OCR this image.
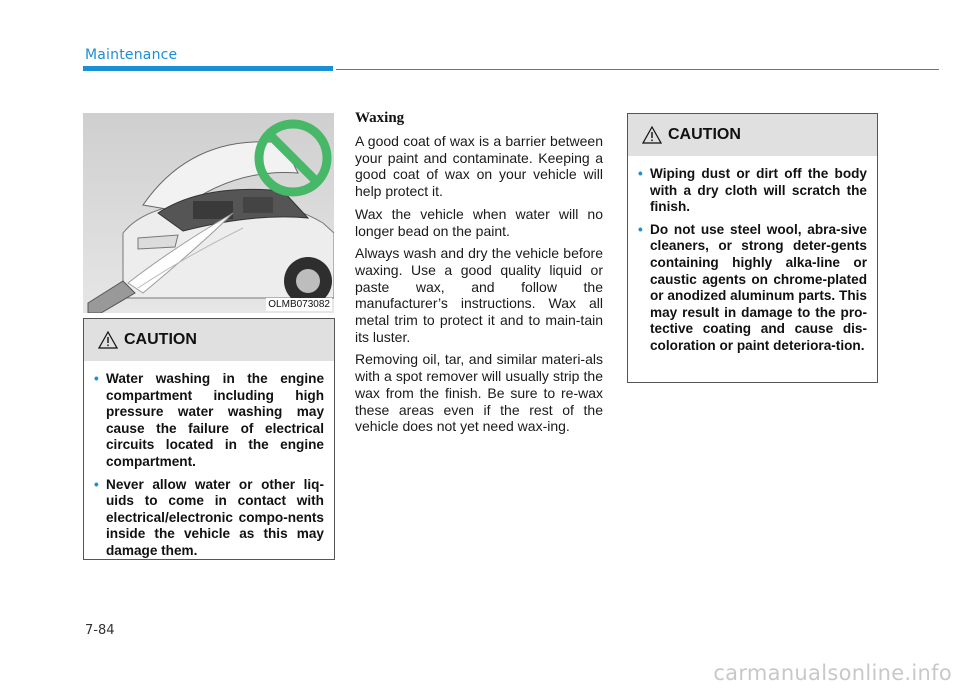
Maintenance
OLMB073082
CAUTION
• Water washing in the engine compartment including high pressure water washing may cause the failure of electrical circuits located in the engine compartment.
• Never allow water or other liq-uids to come in contact with electrical/electronic compo-nents inside the vehicle as this may damage them.
Waxing

A good coat of wax is a barrier between your paint and contaminate. Keeping a good coat of wax on your vehicle will help protect it.

Wax the vehicle when water will no longer bead on the paint.

Always wash and dry the vehicle before waxing. Use a good quality liquid or paste wax, and follow the manufacturer’s instructions. Wax all metal trim to protect it and to main-tain its luster.

Removing oil, tar, and similar materi-als with a spot remover will usually strip the wax from the finish. Be sure to re-wax these areas even if the rest of the vehicle does not yet need wax-ing.

CAUTION
• Wiping dust or dirt off the body with a dry cloth will scratch the finish.
• Do not use steel wool, abra-sive cleaners, or strong deter-gents containing highly alka-line or caustic agents on chrome-plated or anodized aluminum parts. This may result in damage to the pro-tective coating and cause dis-coloration or paint deteriora-tion.
7-84
carmanualsonline.info
